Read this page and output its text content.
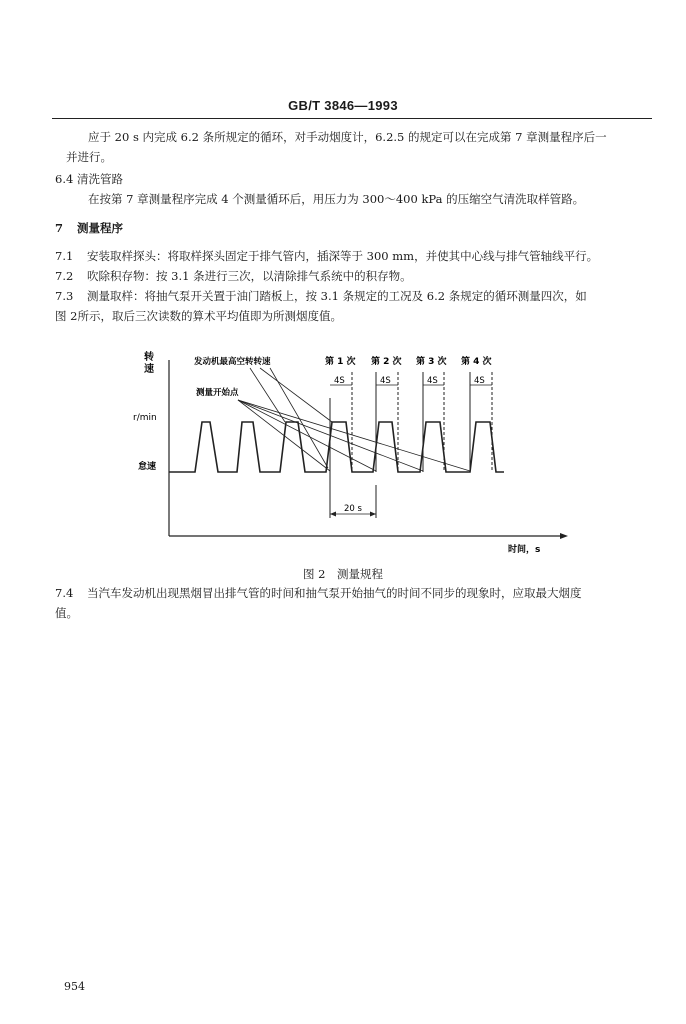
GB/T 3846—1993
应于 20 s 内完成 6.2 条所规定的循环，对手动烟度计，6.2.5 的规定可以在完成第 7 章测量程序后一
并进行。
6.4 清洗管路
在按第 7 章测量程序完成 4 个测量循环后，用压力为 300～400 kPa 的压缩空气清洗取样管路。
7 测量程序
7.1 安装取样探头：将取样探头固定于排气管内，插深等于 300 mm，并使其中心线与排气管轴线平行。
7.2 吹除积存物：按 3.1 条进行三次，以清除排气系统中的积存物。
7.3 测量取样：将抽气泵开关置于油门踏板上，按 3.1 条规定的工况及 6.2 条规定的循环测量四次，如
图 2所示，取后三次读数的算术平均值即为所测烟度值。
转
速
r/min
怠速
时间，s
第 1 次 第 2 次 第 3 次 第 4 次
4S	4S	4S	4S
发动机最高空转转速
测量开始点
20 s
图 2　测量规程
7.4 当汽车发动机出现黑烟冒出排气管的时间和抽气泵开始抽气的时间不同步的现象时，应取最大烟度
值。
954
